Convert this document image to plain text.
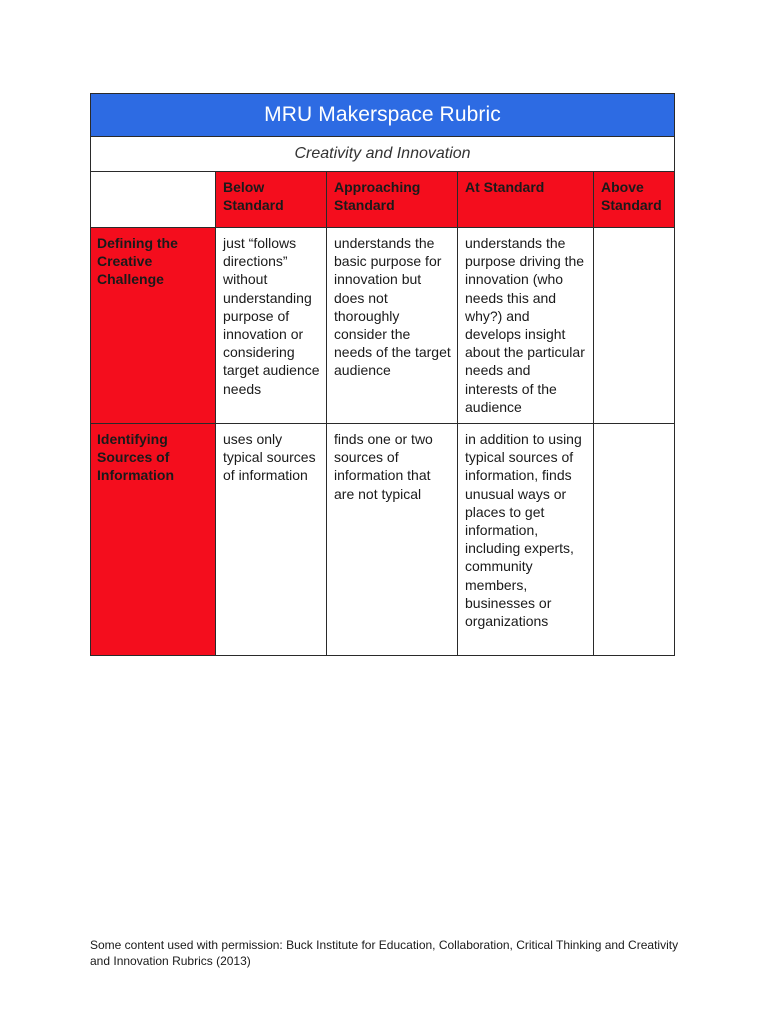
MRU Makerspace Rubric				
Creativity and Innovation				
	Below Standard	Approaching Standard	At Standard	Above Standard
Defining the Creative Challenge	just “follows directions” without understanding purpose of innovation or considering target audience needs	understands the basic purpose for innovation but does not thoroughly consider the needs of the target audience	understands the purpose driving the innovation (who needs this and why?) and develops insight about the particular needs and interests of the audience	
Identifying Sources of Information	uses only typical sources of information	finds one or two sources of information that are not typical	in addition to using typical sources of information, finds unusual ways or places to get information, including experts, community members, businesses or organizations	
Some content used with permission: Buck Institute for Education, Collaboration, Critical Thinking and Creativity and Innovation Rubrics (2013)
